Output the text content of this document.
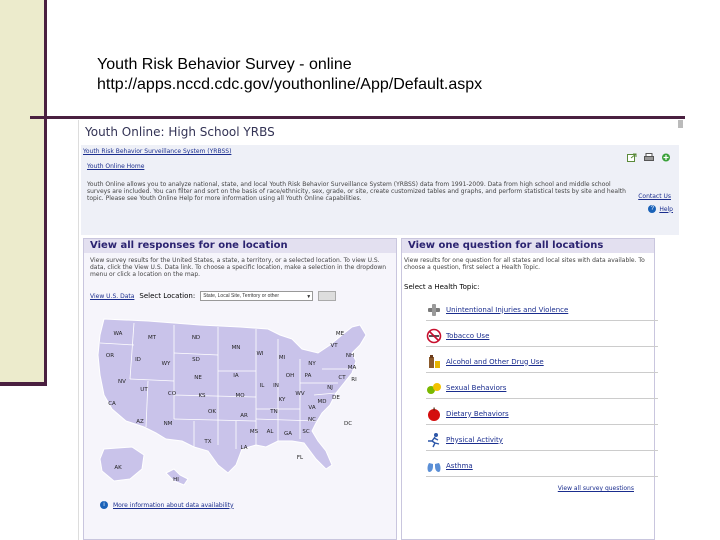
Youth Risk Behavior Survey - online
http://apps.nccd.cdc.gov/youthonline/App/Default.aspx
Youth Online: High School YRBS
Youth Risk Behavior Surveillance System (YRBSS)
Youth Online Home
Youth Online allows you to analyze national, state, and local Youth Risk Behavior Surveillance System (YRBSS) data from 1991-2009. Data from high school and middle school surveys are included. You can filter and sort on the basis of race/ethnicity, sex, grade, or site, create customized tables and graphs, and perform statistical tests by site and health topic. Please see Youth Online Help for more information using all Youth Online capabilities.	Contact Us
? Help
View all responses for one location
View survey results for the United States, a state, a territory, or a selected location. To view U.S. data, click the View U.S. Data link. To choose a specific location, make a selection in the dropdown menu or click a location on the map.
View U.S. Data Select Location:	State, Local Site, Territory or other	▼
WA
MT	ND
ME
OR
ID
WY
SD
MN
WI
MI
VT
NH
NY
MA
NE	IA
IL IN
OH PA	CT RI
NV
UT
CO	KS	MO
KY
WV
NJ
DE
MD
CA
AZ	NM
OK
AR
TN
VA
NC
SC
MS AL GA
TX
LA
FL
AK
HI
DC
i	More information about data availability
View one question for all locations
View results for one question for all states and local sites with data available. To choose a question, first select a Health Topic.
Select a Health Topic:
Unintentional Injuries and Violence
Tobacco Use
Alcohol and Other Drug Use
Sexual Behaviors
Dietary Behaviors
Physical Activity
Asthma
View all survey questions
